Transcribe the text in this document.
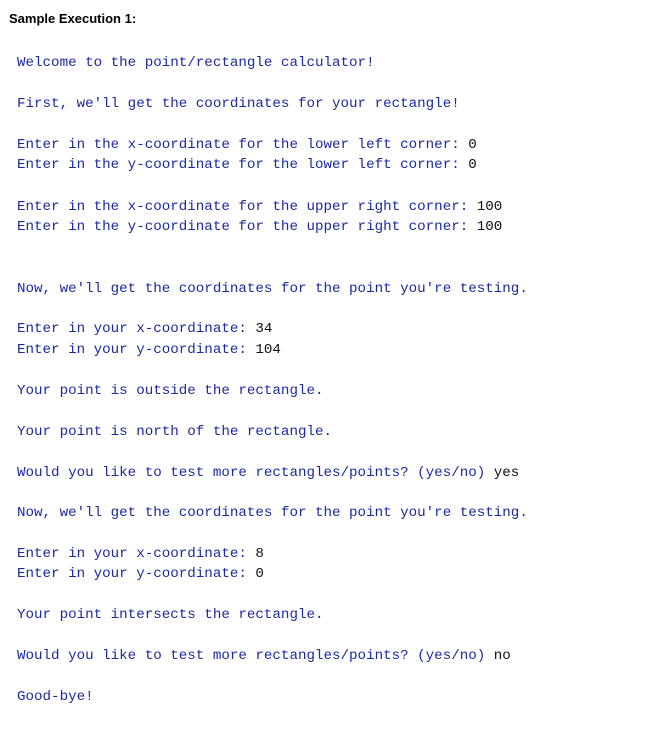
Sample Execution 1:
Welcome to the point/rectangle calculator!
First, we'll get the coordinates for your rectangle!
Enter in the x-coordinate for the lower left corner: 0
Enter in the y-coordinate for the lower left corner: 0
Enter in the x-coordinate for the upper right corner: 100
Enter in the y-coordinate for the upper right corner: 100
Now, we'll get the coordinates for the point you're testing.
Enter in your x-coordinate: 34
Enter in your y-coordinate: 104
Your point is outside the rectangle.
Your point is north of the rectangle.
Would you like to test more rectangles/points? (yes/no) yes
Now, we'll get the coordinates for the point you're testing.
Enter in your x-coordinate: 8
Enter in your y-coordinate: 0
Your point intersects the rectangle.
Would you like to test more rectangles/points? (yes/no) no
Good-bye!
